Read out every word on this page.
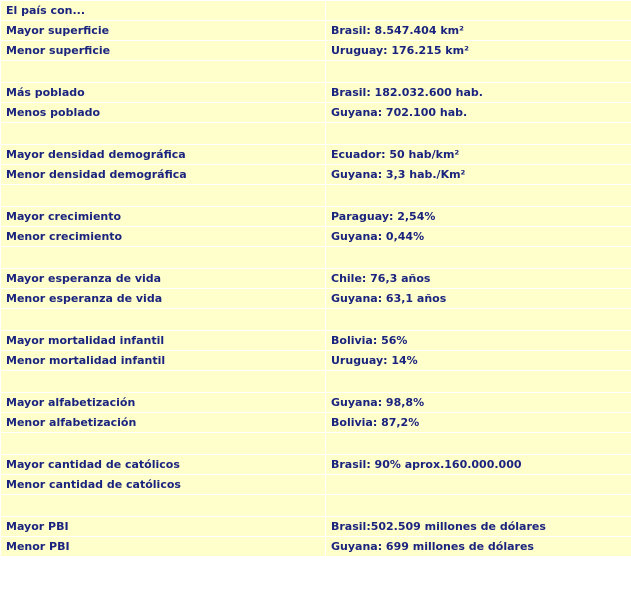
El país con...	
Mayor superficie	Brasil: 8.547.404 km²
Menor superficie	Uruguay: 176.215 km²

Más poblado	Brasil: 182.032.600 hab.
Menos poblado	Guyana: 702.100 hab.

Mayor densidad demográfica	Ecuador: 50 hab/km²
Menor densidad demográfica	Guyana: 3,3 hab./Km²

Mayor crecimiento	Paraguay: 2,54%
Menor crecimiento	Guyana: 0,44%

Mayor esperanza de vida	Chile: 76,3 años
Menor esperanza de vida	Guyana: 63,1 años

Mayor mortalidad infantil	Bolivia: 56%
Menor mortalidad infantil	Uruguay: 14%

Mayor alfabetización	Guyana: 98,8%
Menor alfabetización	Bolivia: 87,2%

Mayor cantidad de católicos	Brasil: 90% aprox.160.000.000
Menor cantidad de católicos	

Mayor PBI	Brasil:502.509 millones de dólares
Menor PBI	Guyana: 699 millones de dólares
